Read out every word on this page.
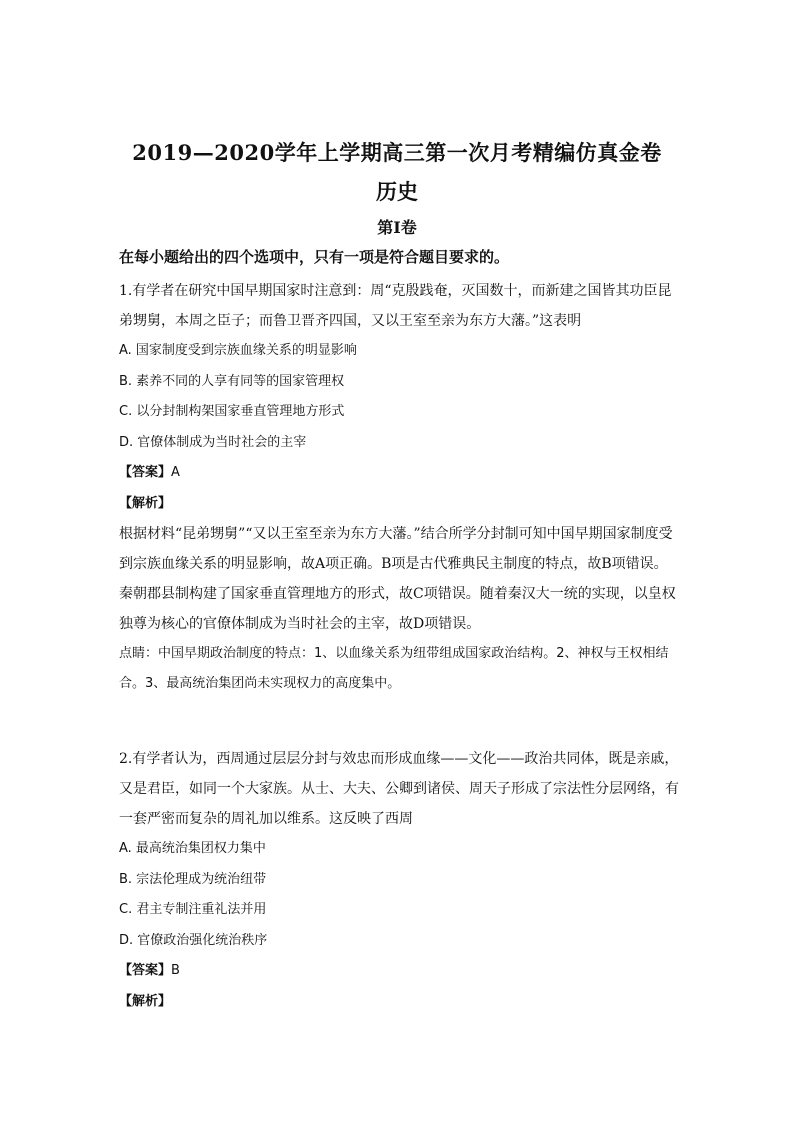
2019—2020学年上学期高三第一次月考精编仿真金卷
历史
第Ⅰ卷
在每小题给出的四个选项中，只有一项是符合题目要求的。

1.有学者在研究中国早期国家时注意到：周“克殷践奄，灭国数十，而新建之国皆其功臣昆弟甥舅，本周之臣子；而鲁卫晋齐四国，又以王室至亲为东方大藩。”这表明

A. 国家制度受到宗族血缘关系的明显影响

B. 素养不同的人享有同等的国家管理权

C. 以分封制构架国家垂直管理地方形式

D. 官僚体制成为当时社会的主宰

【答案】A

【解析】

根据材料“昆弟甥舅”“又以王室至亲为东方大藩。”结合所学分封制可知中国早期国家制度受到宗族血缘关系的明显影响，故A项正确。B项是古代雅典民主制度的特点，故B项错误。秦朝郡县制构建了国家垂直管理地方的形式，故C项错误。随着秦汉大一统的实现，以皇权独尊为核心的官僚体制成为当时社会的主宰，故D项错误。

点睛：中国早期政治制度的特点：1、以血缘关系为纽带组成国家政治结构。2、神权与王权相结合。3、最高统治集团尚未实现权力的高度集中。

2.有学者认为，西周通过层层分封与效忠而形成血缘——文化——政治共同体，既是亲戚，又是君臣，如同一个大家族。从士、大夫、公卿到诸侯、周天子形成了宗法性分层网络，有一套严密而复杂的周礼加以维系。这反映了西周

A. 最高统治集团权力集中

B. 宗法伦理成为统治纽带

C. 君主专制注重礼法并用

D. 官僚政治强化统治秩序

【答案】B

【解析】
